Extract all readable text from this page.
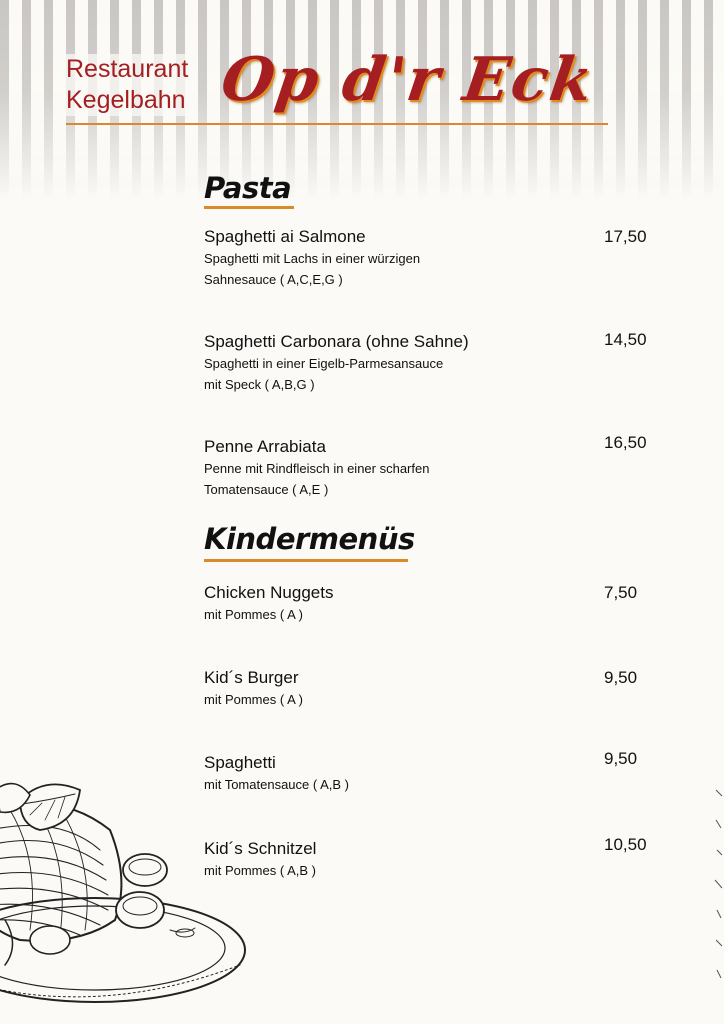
Restaurant
Kegelbahn Op d'r Eck
Pasta
Spaghetti ai Salmone
Spaghetti mit Lachs in einer würzigen
Sahnesauce ( A,C,E,G )
17,50
Spaghetti Carbonara (ohne Sahne)
Spaghetti in einer Eigelb-Parmesansauce
mit Speck ( A,B,G )
14,50
Penne Arrabiata
Penne mit Rindfleisch in einer scharfen
Tomatensauce ( A,E )
16,50
Kindermenüs
Chicken Nuggets
mit Pommes ( A )
7,50
Kid´s Burger
mit Pommes ( A )
9,50
Spaghetti
mit Tomatensauce ( A,B )
9,50
Kid´s Schnitzel
mit Pommes ( A,B )
10,50
